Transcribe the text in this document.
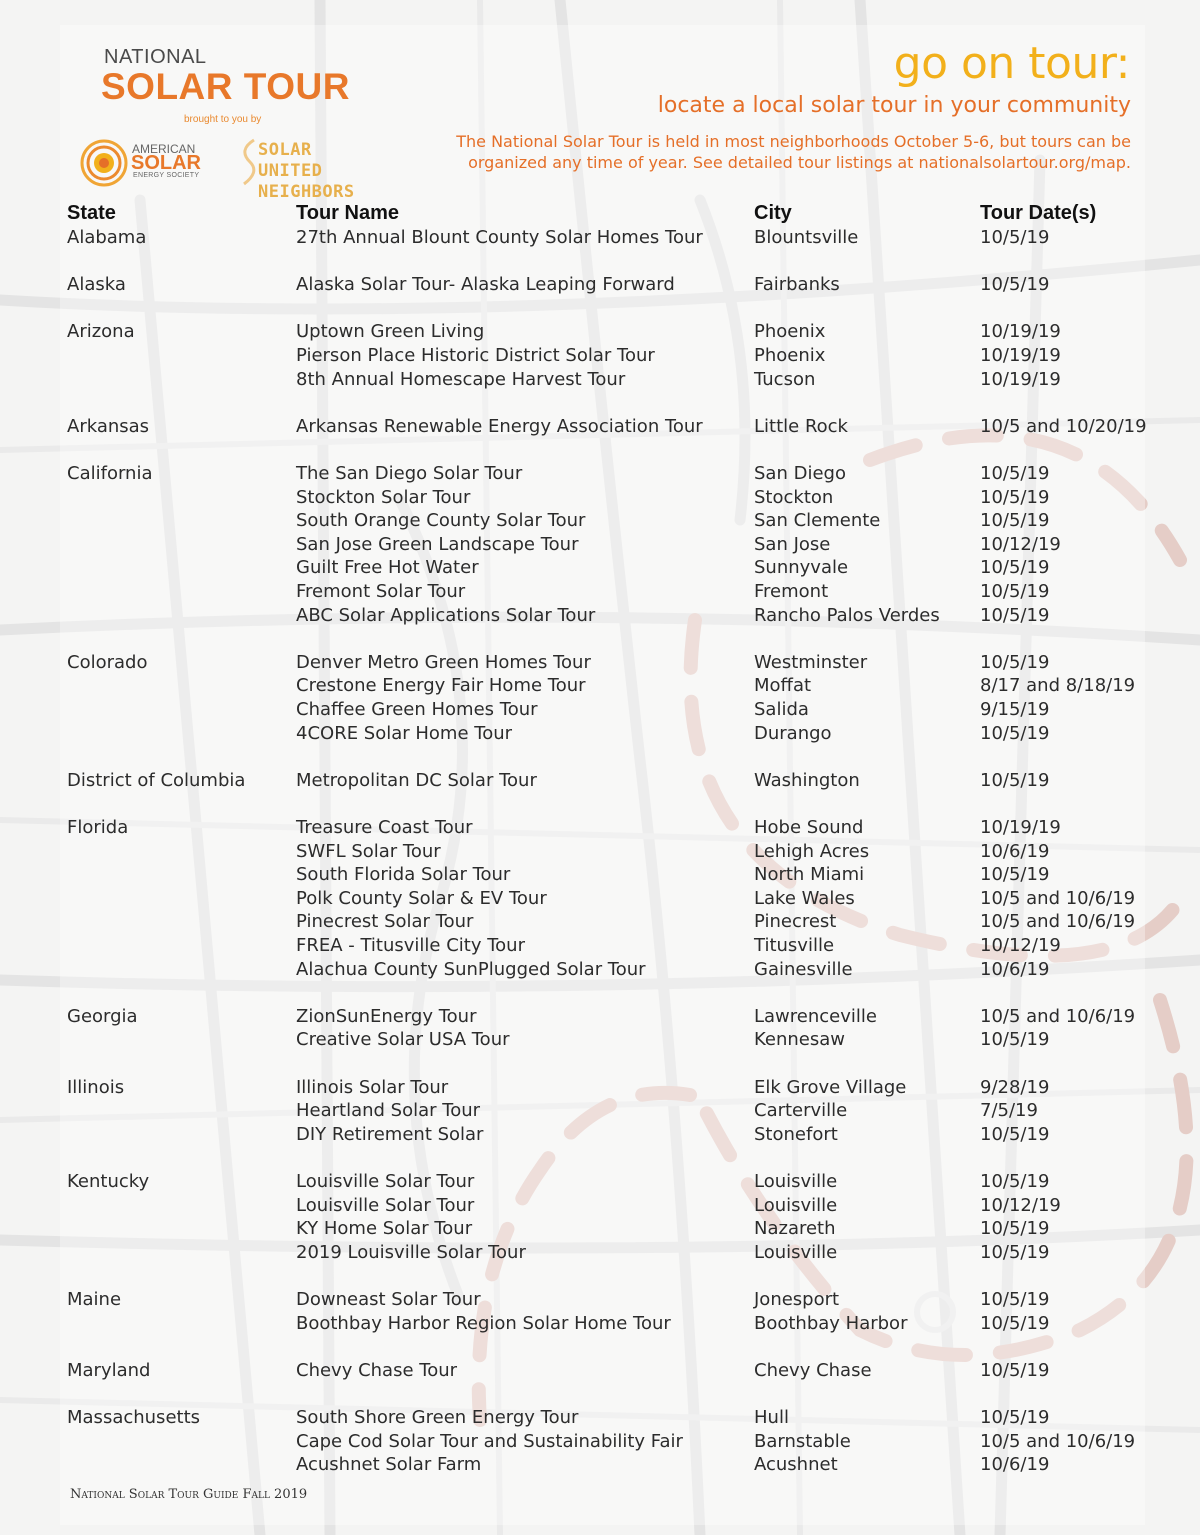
NATIONAL
SOLAR TOUR
brought to you by
AMERICAN
SOLAR
ENERGY SOCIETY
SOLAR UNITED
NEIGHBORS
go on tour:
locate a local solar tour in your community
The National Solar Tour is held in most neighborhoods October 5-6, but tours can be
organized any time of year. See detailed tour listings at nationalsolartour.org/map.
State	Tour Name	City	Tour Date(s)
Alabama	27th Annual Blount County Solar Homes Tour	Blountsville	10/5/19
Alaska	Alaska Solar Tour- Alaska Leaping Forward	Fairbanks	10/5/19
Arizona	Uptown Green Living	Phoenix	10/19/19
Pierson Place Historic District Solar Tour	Phoenix	10/19/19
8th Annual Homescape Harvest Tour	Tucson	10/19/19
Arkansas	Arkansas Renewable Energy Association Tour	Little Rock	10/5 and 10/20/19
California	The San Diego Solar Tour	San Diego	10/5/19
Stockton Solar Tour	Stockton	10/5/19
South Orange County Solar Tour	San Clemente	10/5/19
San Jose Green Landscape Tour	San Jose	10/12/19
Guilt Free Hot Water	Sunnyvale	10/5/19
Fremont Solar Tour	Fremont	10/5/19
ABC Solar Applications Solar Tour	Rancho Palos Verdes 10/5/19
Colorado	Denver Metro Green Homes Tour	Westminster	10/5/19
Crestone Energy Fair Home Tour	Moffat	8/17 and 8/18/19
Chaffee Green Homes Tour	Salida	9/15/19
4CORE Solar Home Tour	Durango	10/5/19
District of Columbia	Metropolitan DC Solar Tour	Washington	10/5/19
Florida	Treasure Coast Tour	Hobe Sound	10/19/19
SWFL Solar Tour	Lehigh Acres	10/6/19
South Florida Solar Tour	North Miami	10/5/19
Polk County Solar & EV Tour	Lake Wales	10/5 and 10/6/19
Pinecrest Solar Tour	Pinecrest	10/5 and 10/6/19
FREA - Titusville City Tour	Titusville	10/12/19
Alachua County SunPlugged Solar Tour	Gainesville	10/6/19
Georgia	ZionSunEnergy Tour	Lawrenceville	10/5 and 10/6/19
Creative Solar USA Tour	Kennesaw	10/5/19
Illinois	Illinois Solar Tour	Elk Grove Village	9/28/19
Heartland Solar Tour	Carterville	7/5/19
DIY Retirement Solar	Stonefort	10/5/19
Kentucky	Louisville Solar Tour	Louisville	10/5/19
Louisville Solar Tour	Louisville	10/12/19
KY Home Solar Tour	Nazareth	10/5/19
2019 Louisville Solar Tour	Louisville	10/5/19
Maine	Downeast Solar Tour	Jonesport	10/5/19
Boothbay Harbor Region Solar Home Tour	Boothbay Harbor	10/5/19
Maryland	Chevy Chase Tour	Chevy Chase	10/5/19
Massachusetts	South Shore Green Energy Tour	Hull	10/5/19
Cape Cod Solar Tour and Sustainability Fair	Barnstable	10/5 and 10/6/19
Acushnet Solar Farm	Acushnet	10/6/19
National Solar Tour Guide Fall 2019
